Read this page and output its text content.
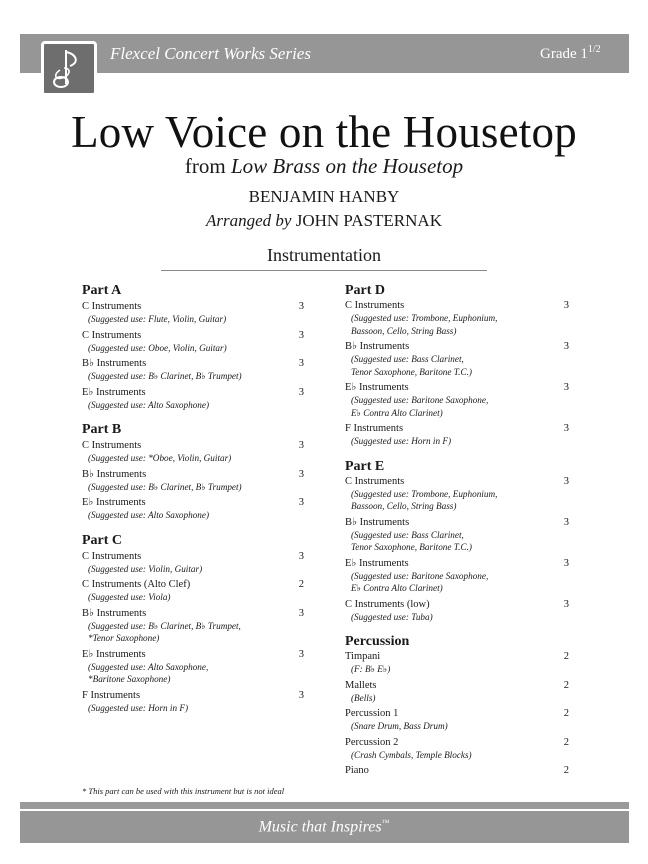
Flexcel Concert Works Series	Grade $1^{1/2}$
Low Voice on the Housetop
from Low Brass on the Housetop
BENJAMIN HANBY
Arranged by JOHN PASTERNAK
Instrumentation
Part A
C Instruments	3
(Suggested use: Flute, Violin, Guitar)
C Instruments	3
(Suggested use: Oboe, Violin, Guitar)
B♭ Instruments	3
(Suggested use: B♭ Clarinet, B♭ Trumpet)
E♭ Instruments	3
(Suggested use: Alto Saxophone)
Part B
C Instruments	3
(Suggested use: *Oboe, Violin, Guitar)
B♭ Instruments	3
(Suggested use: B♭ Clarinet, B♭ Trumpet)
E♭ Instruments	3
(Suggested use: Alto Saxophone)
Part C
C Instruments	3
(Suggested use: Violin, Guitar)
C Instruments (Alto Clef)	2
(Suggested use: Viola)
B♭ Instruments	3
(Suggested use: B♭ Clarinet, B♭ Trumpet,
*Tenor Saxophone)
E♭ Instruments	3
(Suggested use: Alto Saxophone,
*Baritone Saxophone)
F Instruments	3
(Suggested use: Horn in F)
Part D
C Instruments	3
(Suggested use: Trombone, Euphonium,
Bassoon, Cello, String Bass)
B♭ Instruments	3
(Suggested use: Bass Clarinet,
Tenor Saxophone, Baritone T.C.)
E♭ Instruments	3
(Suggested use: Baritone Saxophone,
E♭ Contra Alto Clarinet)
F Instruments	3
(Suggested use: Horn in F)
Part E
C Instruments	3
(Suggested use: Trombone, Euphonium,
Bassoon, Cello, String Bass)
B♭ Instruments	3
(Suggested use: Bass Clarinet,
Tenor Saxophone, Baritone T.C.)
E♭ Instruments	3
(Suggested use: Baritone Saxophone,
E♭ Contra Alto Clarinet)
C Instruments (low)	3
(Suggested use: Tuba)
Percussion
Timpani	2
(F: B♭ E♭)
Mallets	2
(Bells)
Percussion 1	2
(Snare Drum, Bass Drum)
Percussion 2	2
(Crash Cymbals, Temple Blocks)
Piano	2
* This part can be used with this instrument but is not ideal
Music that Inspires™
